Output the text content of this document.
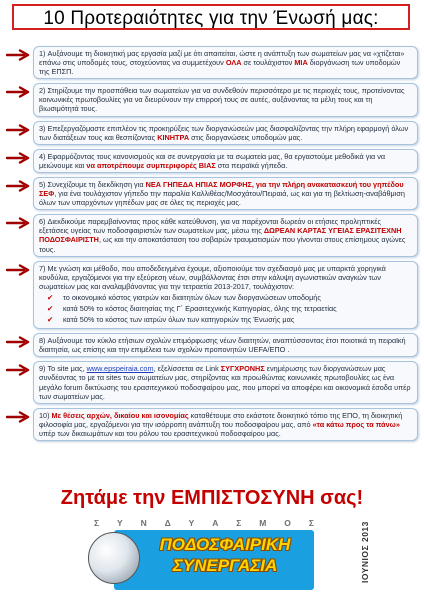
10 Προτεραιότητες για την Ένωσή μας:
1) Αυξάνουμε τη διοικητική μας εργασία μαζί με ότι απαιτείται, ώστε η ανάπτυξη των σωματείων μας να «χτίζεται» επάνω στις υποδομές τους, στοχεύοντας να συμμετέχουν ΟΛΑ σε τουλάχιστον ΜΙΑ διοργάνωση των υποδομών της ΕΠΣΠ.
2) Στηρίζουμε την προσπάθεια των σωματείων για να συνδεθούν περισσότερο με τις περιοχές τους, προτείνοντας κοινωνικές πρωτοβουλίες για να διευρύνουν την επιρροή τους σε αυτές, αυξάνοντας τα μέλη τους και τη βιωσιμότητά τους.
3) Επεξεργαζόμαστε επιπλέον τις προκηρύξεις των διοργανώσεών μας διασφαλίζοντας την πλήρη εφαρμογή όλων των διατάξεων τους και θεσπίζοντας ΚΙΝΗΤΡΑ στις διοργανώσεις υποδομών μας.
4) Εφαρμόζοντας τους κανονισμούς και σε συνεργασία με τα σωματεία μας, θα εργαστούμε μεθοδικά για να μειώνουμε και να αποτρέπουμε συμπεριφορές ΒΙΑΣ στα πειραϊκά γήπεδα.
5) Συνεχίζουμε τη διεκδίκηση για ΝΕΑ ΓΗΠΕΔΑ ΗΠΙΑΣ ΜΟΡΦΗΣ, για την πλήρη ανακατασκευή του γηπέδου ΣΕΦ, για ένα τουλάχιστον γήπεδο την παραλία Καλλιθέας/Μοσχάτου/Πειραιά, ως και για τη βελτίωση-αναβάθμιση όλων των υπαρχόντων γηπέδων μας σε όλες τις περιοχές μας.
6) Διεκδικούμε παρεμβαίνοντας προς κάθε κατεύθυνση, για να παρέχονται δωρεάν οι ετήσιες προληπτικές εξετάσεις υγείας των ποδοσφαιριστών των σωματείων μας, μέσω της ΔΩΡΕΑΝ ΚΑΡΤΑΣ ΥΓΕΙΑΣ ΕΡΑΣΙΤΕΧΝΗ ΠΟΔΟΣΦΑΙΡΙΣΤΗ, ως και την αποκατάσταση του σοβαρών τραυματισμών που γίνονται στους επίσημους αγώνες τους.
7) Με γνώση και μέθοδο, που αποδεδειγμένα έχουμε, αξιοποιούμε τον σχεδιασμό μας με υπαρκτά χορηγικά κονδύλια, εργαζόμενοι για την εξεύρεση νέων, συμβάλλοντας έτσι στην κάλυψη αγωνιστικών αναγκών των σωματείων μας και αναλαμβάνοντας για την τετραετία 2013-2017, τουλάχιστον:
✔ το οικονομικό κόστος γιατρών και διαιτητών όλων των διοργανώσεων υποδομής
✔ κατά 50% το κόστος διαιτησίας της Γ΄ Ερασιτεχνικής Κατηγορίας, όλης της τετραετίας
✔ κατά 50% το κόστος των ιατρών όλων των κατηγοριών της Ένωσής μας
8) Αυξάνουμε τον κύκλο ετήσιων σχολών επιμόρφωσης νέων διαιτητών, αναπτύσσοντας έτσι ποιοτικά τη πειραϊκή διαιτησία, ως επίσης και την επιμέλεια των σχολών προπονητών UEFA/ΕΠΟ .
9) Το site μας, www.epspeiraia.com, εξελίσσεται σε Link ΣΥΓΧΡΟΝΗΣ ενημέρωσης των διοργανώσεων μας συνδέοντας το με τα sites των σωματείων μας, στηρίζοντας και προωθώντας κοινωνικές πρωτοβουλίες ως ένα μεγάλο forum δικτύωσης του ερασιτεχνικού ποδοσφαίρου μας, που μπορεί να αποφέρει και οικονομικά έσοδα υπέρ των σωματείων μας.
10) Με θέσεις αρχών, δικαίου και ισονομίας καταθέτουμε στο εκάστοτε διοικητικό τόπιο της ΕΠΟ, τη διοικητική φιλοσοφία μας, εργαζόμενοι για την ισόρροπη ανάπτυξη του ποδοσφαίρου μας, από «τα κάτω προς τα πάνω» υπέρ των δικαιωμάτων και του ρόλου του ερασιτεχνικού ποδοσφαίρου μας.

Ζητάμε την ΕΜΠΙΣΤΟΣΥΝΗ σας!

Σ Υ Ν Δ Υ Α Σ Μ Ο Σ
ΠΟΔΟΣΦΑΙΡΙΚΗ
ΣΥΝΕΡΓΑΣΙΑ	ΙΟΥΝΙΟΣ 2013
